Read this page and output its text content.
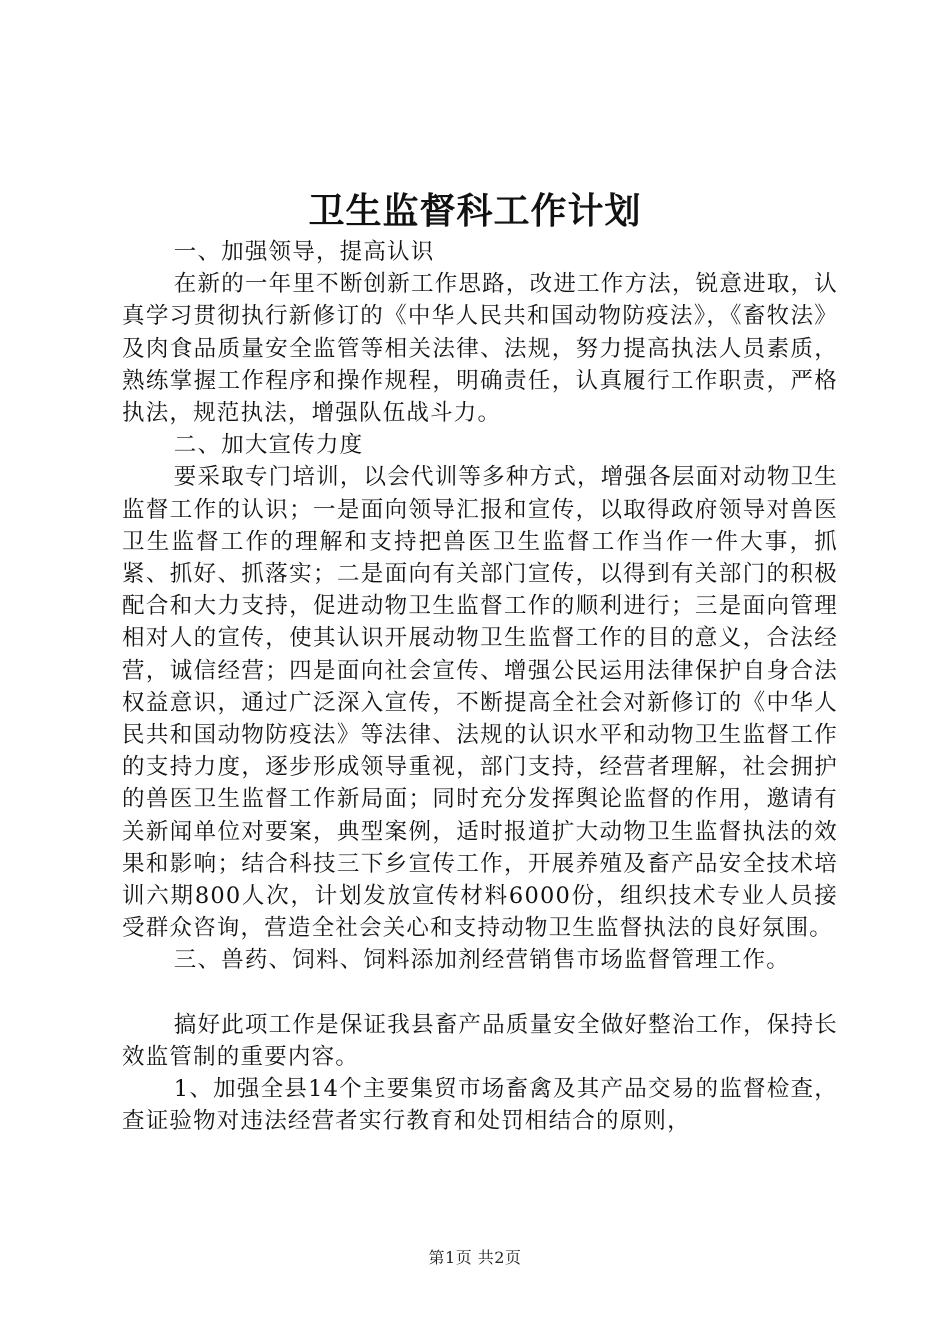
卫生监督科工作计划

一、加强领导，提高认识

在新的一年里不断创新工作思路，改进工作方法，锐意进取，认真学习贯彻执行新修订的《中华人民共和国动物防疫法》，《畜牧法》及肉食品质量安全监管等相关法律、法规，努力提高执法人员素质，熟练掌握工作程序和操作规程，明确责任，认真履行工作职责，严格执法，规范执法，增强队伍战斗力。

二、加大宣传力度

要采取专门培训，以会代训等多种方式，增强各层面对动物卫生监督工作的认识；一是面向领导汇报和宣传，以取得政府领导对兽医卫生监督工作的理解和支持把兽医卫生监督工作当作一件大事，抓紧、抓好、抓落实；二是面向有关部门宣传，以得到有关部门的积极配合和大力支持，促进动物卫生监督工作的顺利进行；三是面向管理相对人的宣传，使其认识开展动物卫生监督工作的目的意义，合法经营，诚信经营；四是面向社会宣传、增强公民运用法律保护自身合法权益意识，通过广泛深入宣传，不断提高全社会对新修订的《中华人民共和国动物防疫法》等法律、法规的认识水平和动物卫生监督工作的支持力度，逐步形成领导重视，部门支持，经营者理解，社会拥护的兽医卫生监督工作新局面；同时充分发挥舆论监督的作用，邀请有关新闻单位对要案，典型案例，适时报道扩大动物卫生监督执法的效果和影响；结合科技三下乡宣传工作，开展养殖及畜产品安全技术培训六期800人次，计划发放宣传材料6000份，组织技术专业人员接受群众咨询，营造全社会关心和支持动物卫生监督执法的良好氛围。

三、兽药、饲料、饲料添加剂经营销售市场监督管理工作。

搞好此项工作是保证我县畜产品质量安全做好整治工作，保持长效监管制的重要内容。

1、加强全县14个主要集贸市场畜禽及其产品交易的监督检查，查证验物对违法经营者实行教育和处罚相结合的原则，

第1页 共2页
